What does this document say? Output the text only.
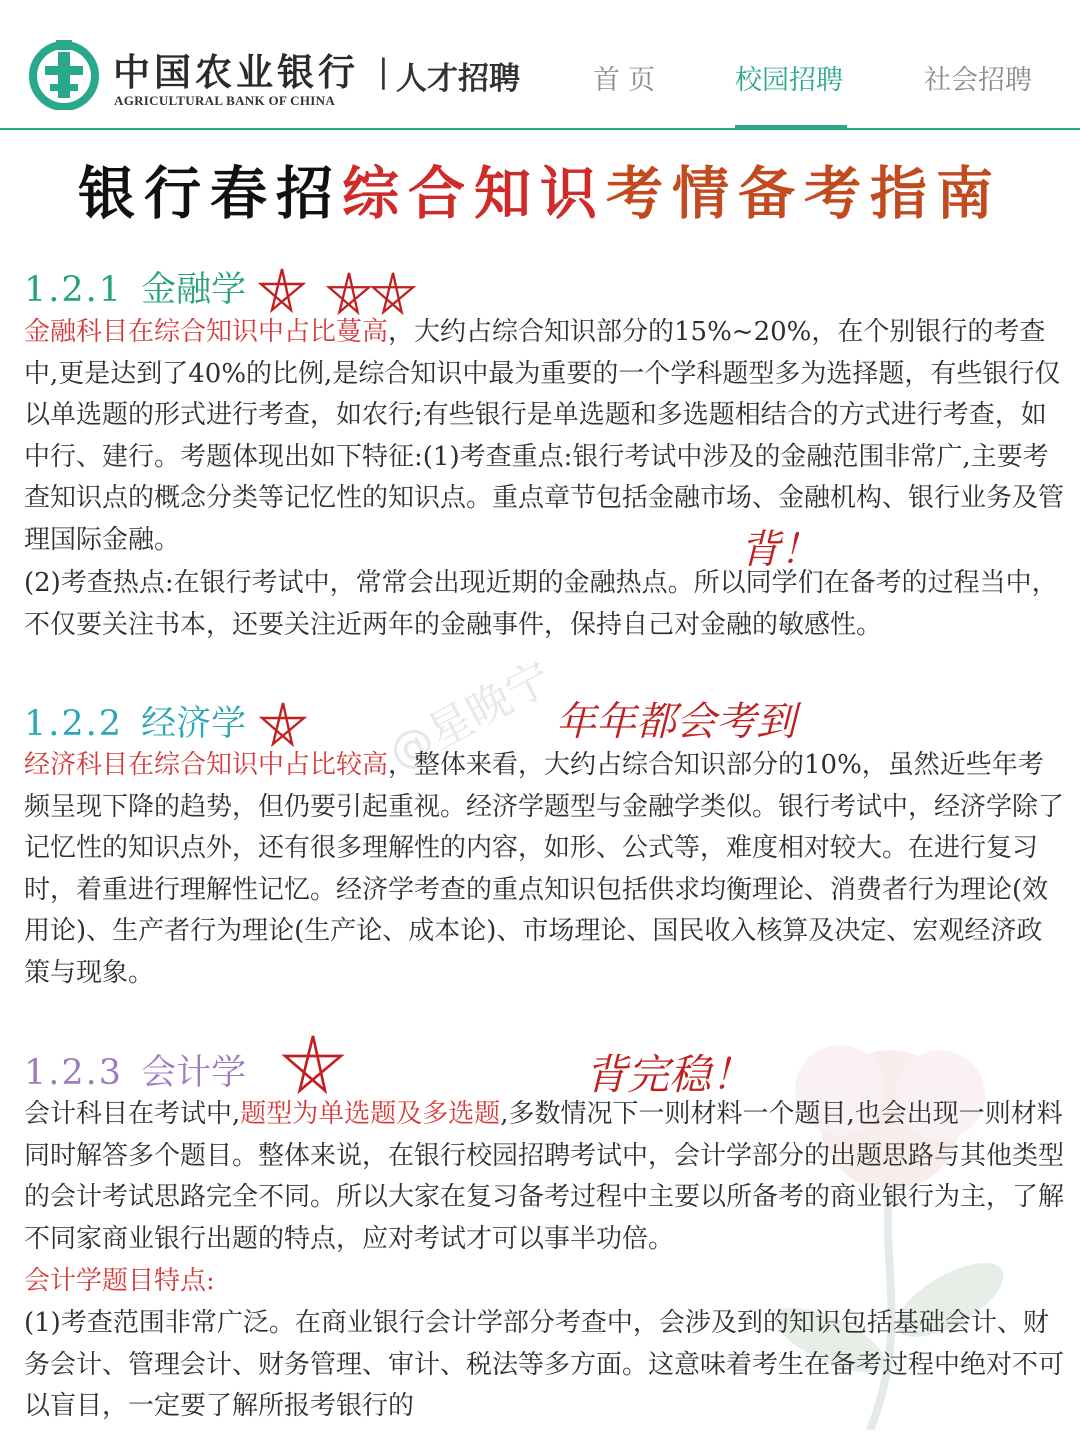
中国农业银行
AGRICULTURAL BANK OF CHINA
| 人才招聘	首页	校园招聘	社会招聘
银行春招综合知识考情备考指南
@星晚宁
1.2.1 金融学

金融科目在综合知识中占比蔓高，大约占综合知识部分的15%~20%，在个别银行的考查中,更是达到了40%的比例,是综合知识中最为重要的一个学科题型多为选择题，有些银行仅以单选题的形式进行考查，如农行;有些银行是单选题和多选题相结合的方式进行考查，如中行、建行。考题体现出如下特征:(1)考查重点:银行考试中涉及的金融范围非常广,主要考查知识点的概念分类等记忆性的知识点。重点章节包括金融市场、金融机构、银行业务及管理国际金融。	背！

(2)考查热点:在银行考试中，常常会出现近期的金融热点。所以同学们在备考的过程当中，不仅要关注书本，还要关注近两年的金融事件，保持自己对金融的敏感性。

1.2.2 经济学	年年都会考到

经济科目在综合知识中占比较高，整体来看，大约占综合知识部分的10%，虽然近些年考频呈现下降的趋势，但仍要引起重视。经济学题型与金融学类似。银行考试中，经济学除了记忆性的知识点外，还有很多理解性的内容，如形、公式等，难度相对较大。在进行复习时，着重进行理解性记忆。经济学考查的重点知识包括供求均衡理论、消费者行为理论(效用论)、生产者行为理论(生产论、成本论)、市场理论、国民收入核算及决定、宏观经济政策与现象。

1.2.3 会计学	背完稳！

会计科目在考试中,题型为单选题及多选题,多数情况下一则材料一个题目,也会出现一则材料同时解答多个题目。整体来说，在银行校园招聘考试中，会计学部分的出题思路与其他类型的会计考试思路完全不同。所以大家在复习备考过程中主要以所备考的商业银行为主，了解不同家商业银行出题的特点，应对考试才可以事半功倍。

会计学题目特点:

(1)考查范围非常广泛。在商业银行会计学部分考查中，会涉及到的知识包括基础会计、财务会计、管理会计、财务管理、审计、税法等多方面。这意味着考生在备考过程中绝对不可以盲目，一定要了解所报考银行的
